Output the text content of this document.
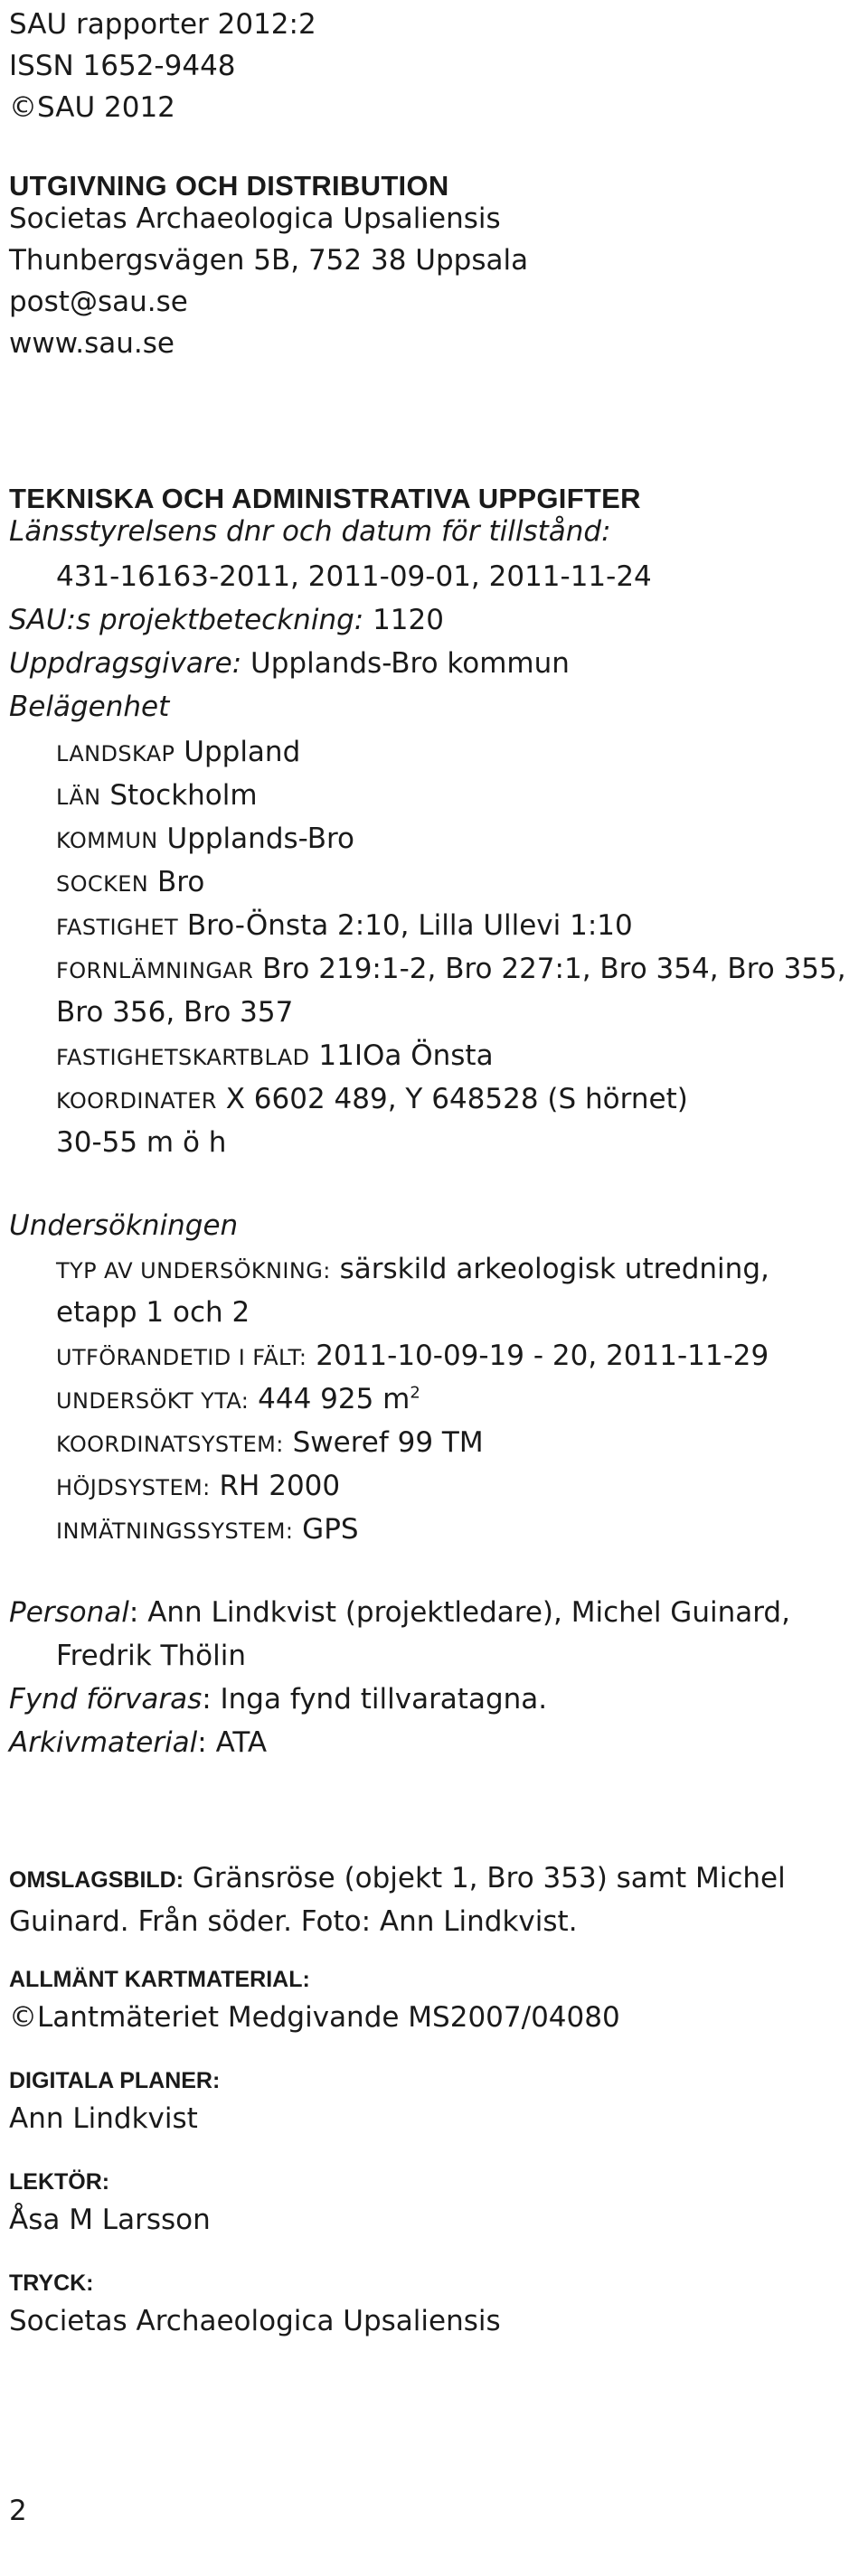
SAU rapporter 2012:2
ISSN 1652-9448
©SAU 2012
UTGIVNING OCH DISTRIBUTION
Societas Archaeologica Upsaliensis
Thunbergsvägen 5B, 752 38 Uppsala
post@sau.se
www.sau.se
TEKNISKA OCH ADMINISTRATIVA UPPGIFTER
Länsstyrelsens dnr och datum för tillstånd:
431-16163-2011, 2011-09-01, 2011-11-24
SAU:s projektbeteckning: 1120
Uppdragsgivare: Upplands-Bro kommun
Belägenhet
LANDSKAP Uppland
LÄN Stockholm
KOMMUN Upplands-Bro
SOCKEN Bro
FASTIGHET Bro-Önsta 2:10, Lilla Ullevi 1:10
FORNLÄMNINGAR Bro 219:1-2, Bro 227:1, Bro 354, Bro 355,
Bro 356, Bro 357
FASTIGHETSKARTBLAD 11IOa Önsta
KOORDINATER X 6602 489, Y 648528 (S hörnet)
30-55 m ö h
Undersökningen
TYP AV UNDERSÖKNING: särskild arkeologisk utredning,
etapp 1 och 2
UTFÖRANDETID I FÄLT: 2011-10-09-19 - 20, 2011-11-29
UNDERSÖKT YTA: 444 925 $m^2$
KOORDINATSYSTEM: Sweref 99 TM
HÖJDSYSTEM: RH 2000
INMÄTNINGSSYSTEM: GPS
Personal: Ann Lindkvist (projektledare), Michel Guinard,
Fredrik Thölin
Fynd förvaras: Inga fynd tillvaratagna.
Arkivmaterial: ATA
OMSLAGSBILD: Gränsröse (objekt 1, Bro 353) samt Michel
Guinard. Från söder. Foto: Ann Lindkvist.
ALLMÄNT KARTMATERIAL:
©Lantmäteriet Medgivande MS2007/04080
DIGITALA PLANER:
Ann Lindkvist
LEKTÖR:
Åsa M Larsson
TRYCK:
Societas Archaeologica Upsaliensis
2
